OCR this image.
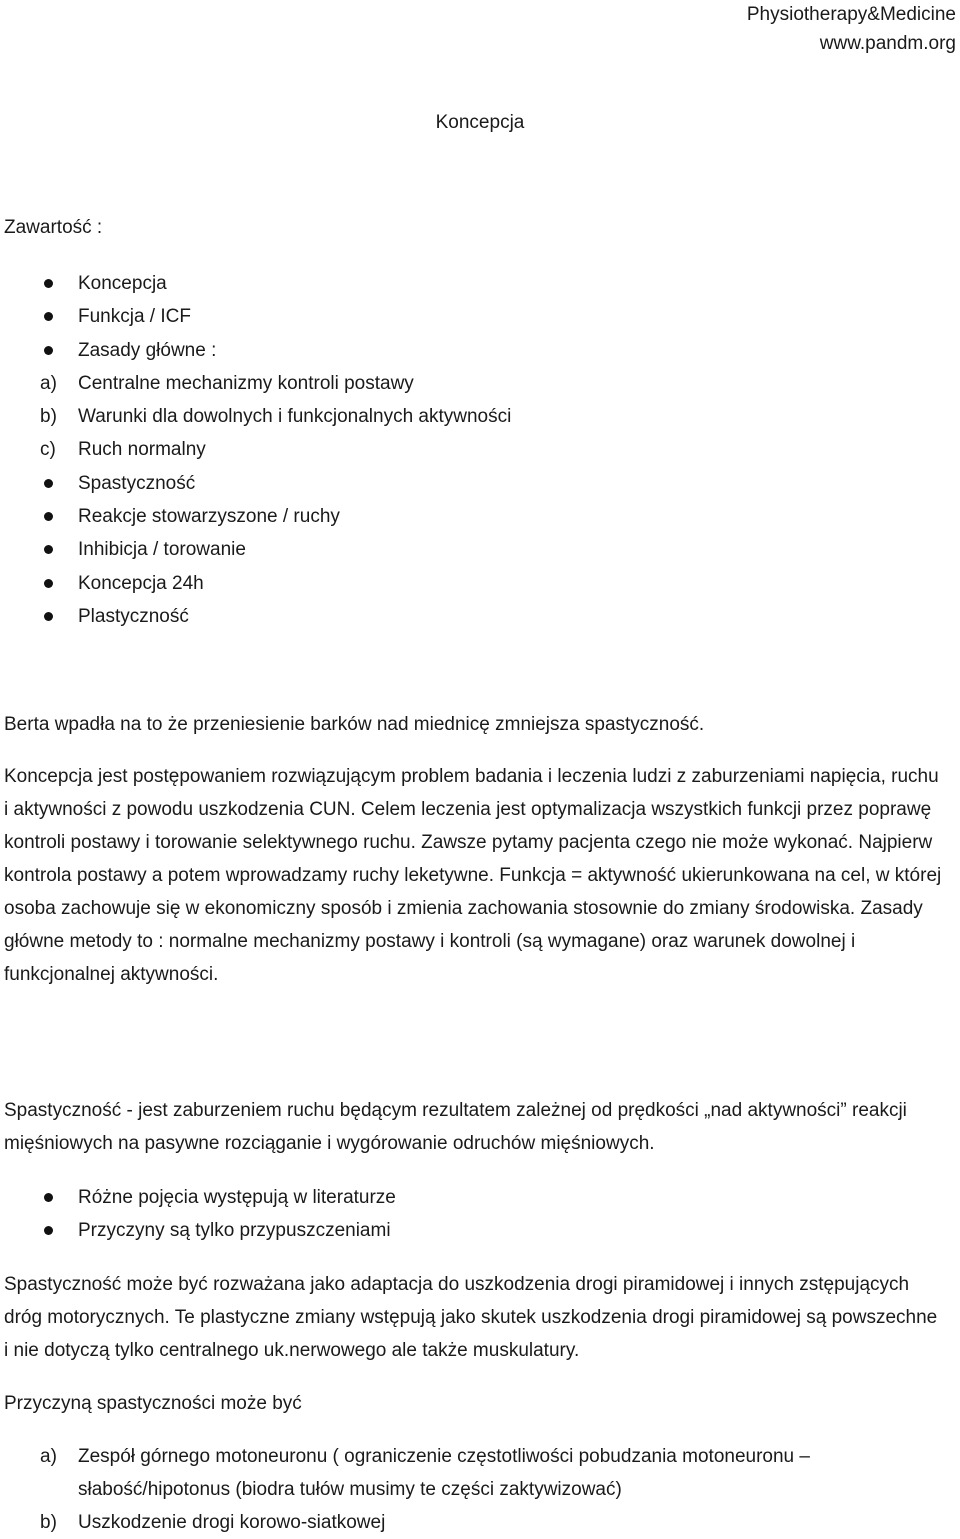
Physiotherapy&Medicine
www.pandm.org
Koncepcja
Zawartość :
Koncepcja
Funkcja / ICF
Zasady główne :
a)	Centralne mechanizmy kontroli postawy
b)	Warunki dla dowolnych i funkcjonalnych aktywności
c)	Ruch normalny
Spastyczność
Reakcje stowarzyszone / ruchy
Inhibicja / torowanie
Koncepcja 24h
Plastyczność

Berta wpadła na to że przeniesienie barków nad miednicę zmniejsza spastyczność.

Koncepcja jest postępowaniem rozwiązującym problem badania i leczenia ludzi z zaburzeniami napięcia, ruchu i aktywności z powodu uszkodzenia CUN. Celem leczenia jest optymalizacja wszystkich funkcji przez poprawę kontroli postawy i torowanie selektywnego ruchu. Zawsze pytamy pacjenta czego nie może wykonać. Najpierw kontrola postawy a potem wprowadzamy ruchy leketywne. Funkcja = aktywność ukierunkowana na cel, w której osoba zachowuje się w ekonomiczny sposób i zmienia zachowania stosownie do zmiany środowiska. Zasady główne metody to : normalne mechanizmy postawy i kontroli (są wymagane) oraz warunek dowolnej i funkcjonalnej aktywności.

Spastyczność - jest zaburzeniem ruchu będącym rezultatem zależnej od prędkości „nad aktywności” reakcji mięśniowych na pasywne rozciąganie i wygórowanie odruchów mięśniowych.

Różne pojęcia występują w literaturze
Przyczyny są tylko przypuszczeniami

Spastyczność może być rozważana jako adaptacja do uszkodzenia drogi piramidowej i innych zstępujących dróg motorycznych. Te plastyczne zmiany wstępują jako skutek uszkodzenia drogi piramidowej są powszechne i nie dotyczą tylko centralnego uk.nerwowego ale także muskulatury.

Przyczyną spastyczności może być
a)	Zespół górnego motoneuronu ( ograniczenie częstotliwości pobudzania motoneuronu – słabość/hipotonus (biodra tułów musimy te części zaktywizować)
b)	Uszkodzenie drogi korowo-siatkowej
